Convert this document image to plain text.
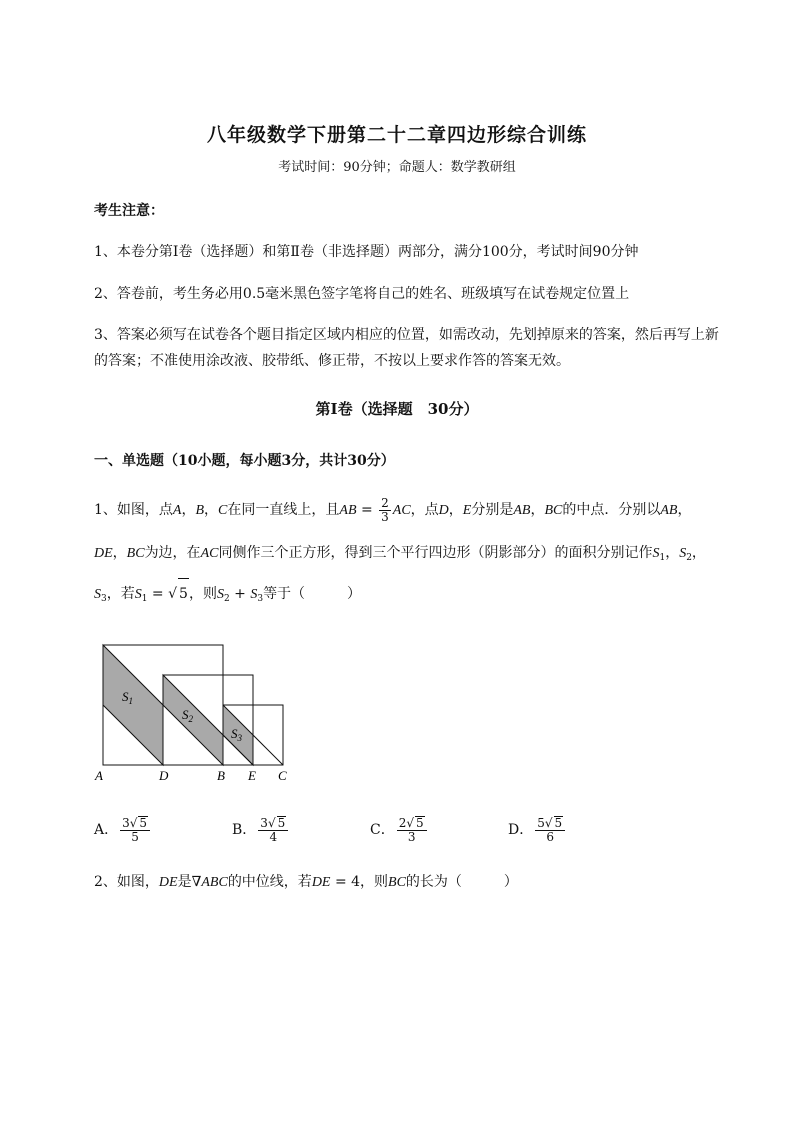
八年级数学下册第二十二章四边形综合训练
考试时间：90分钟；命题人：数学教研组
考生注意：
1、本卷分第I卷（选择题）和第Ⅱ卷（非选择题）两部分，满分100分，考试时间90分钟
2、答卷前，考生务必用0.5毫米黑色签字笔将自己的姓名、班级填写在试卷规定位置上
3、答案必须写在试卷各个题目指定区域内相应的位置，如需改动，先划掉原来的答案，然后再写上新
的答案；不准使用涂改液、胶带纸、修正带，不按以上要求作答的答案无效。
第I卷（选择题　30分）
一、单选题（10小题，每小题3分，共计30分）
1、如图，点A，B，C在同一直线上，且AB = $\frac{2}{3}$ AC，点D，E分别是AB，BC的中点．分别以AB，
DE，BC为边，在AC同侧作三个正方形，得到三个平行四边形（阴影部分）的面积分别记作$S_1$，$S_2$，
$S_3$，若$S_1$ = √ 5，则$S_2 + S_3$等于（　　　）
$S_1$
$S_2$
$S_3$
A	D	B E C
A． $\frac{3√ 5}{5}$	B． $\frac{3√ 5}{4}$	C． $\frac{2√ 5}{3}$	D． $\frac{5√ 5}{6}$
2、如图，DE是∇ABC的中位线，若DE = 4，则BC的长为（　　　）
